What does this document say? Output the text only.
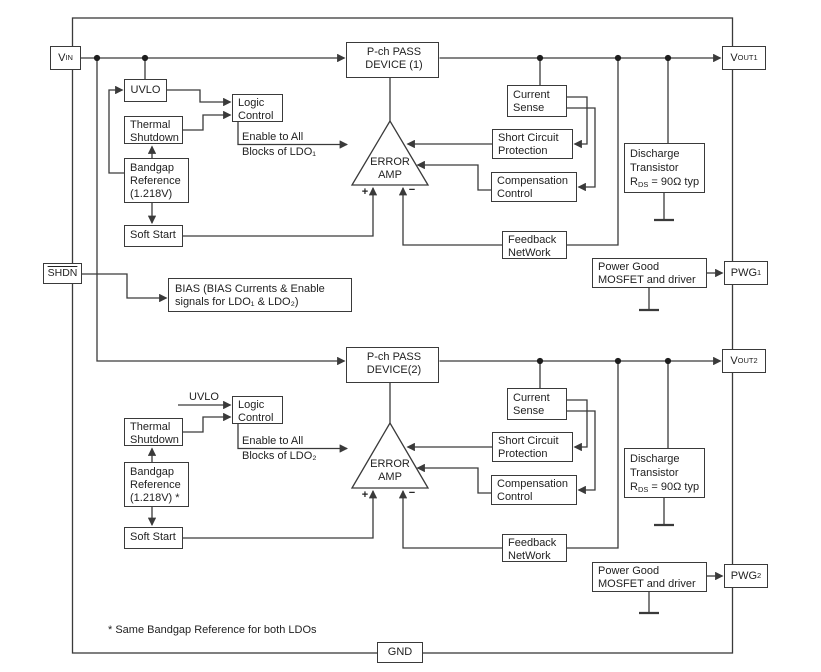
V IN
SHDN
V OUT1
PWG 1
V OUT2
PWG 2
GND
P-ch PASS
DEVICE (1)
UVLO
Logic
Control
Thermal
Shutdown
Bandgap
Reference
(1.218V)
Soft Start
Current
Sense
Short Circuit
Protection
Compensation
Control
Feedback
NetWork
Discharge
Transistor
$R_{DS} = 90\Omega$ typ
Power Good
MOSFET and driver
BIAS (BIAS Currents & Enable
signals for LDO₁ & LDO₂)
P-ch PASS
DEVICE(2)
Logic
Control
Thermal
Shutdown
Bandgap
Reference
(1.218V) *
Soft Start
Current
Sense
Short Circuit
Protection
Compensation
Control
Feedback
NetWork
Discharge
Transistor
$R_{DS} = 90\Omega$ typ
Power Good
MOSFET and driver
Enable to All
Blocks of LDO₁
Enable to All
Blocks of LDO₂
UVLO
* Same Bandgap Reference for both LDOs
ERROR
AMP
ERROR
AMP
+	−
+	−
